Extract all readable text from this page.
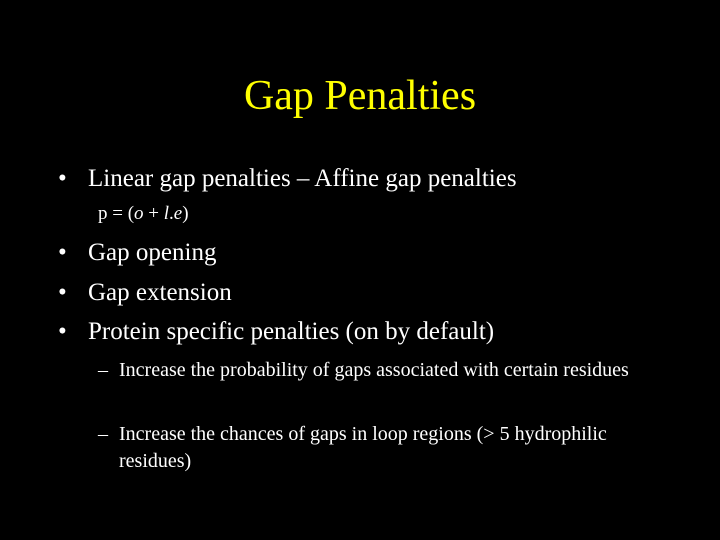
Gap Penalties
• Linear gap penalties – Affine gap penalties
p = (o + l.e)
• Gap opening
• Gap extension
• Protein specific penalties (on by default)
– Increase the probability of gaps associated with certain residues
– Increase the chances of gaps in loop regions (> 5 hydrophilic residues)
